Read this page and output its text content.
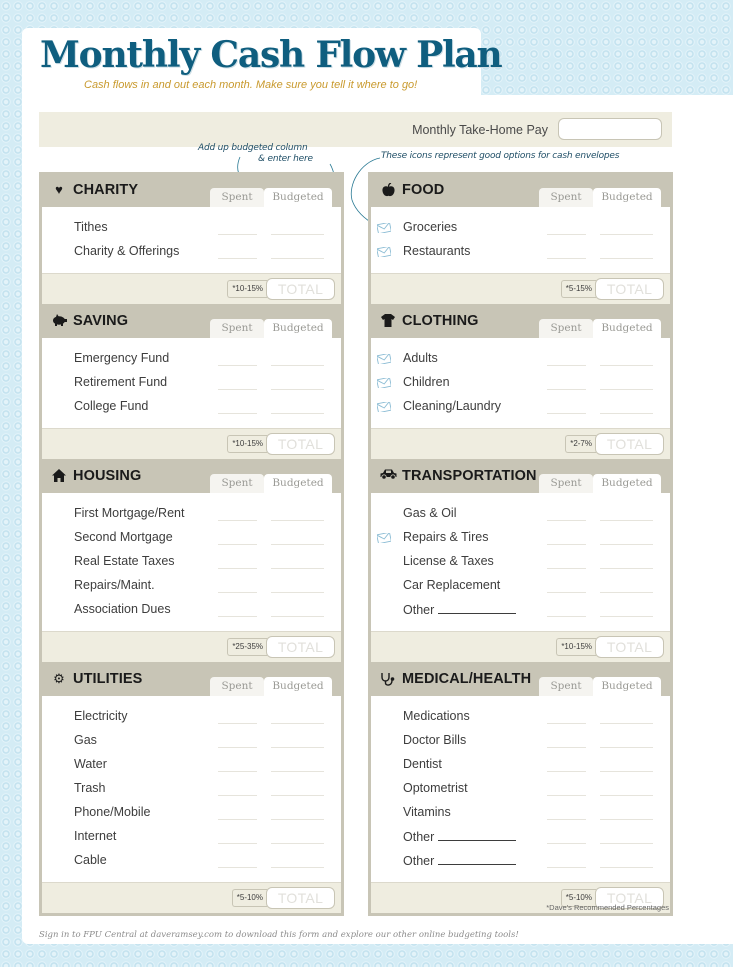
Monthly Cash Flow Plan
Cash flows in and out each month. Make sure you tell it where to go!
Monthly Take-Home Pay
Add up budgeted column
& enter here	These icons represent good options for cash envelopes
♥ CHARITY	Spent	Budgeted
Tithes
Charity & Offerings
*10-15%	TOTAL
SAVING	Spent	Budgeted
Emergency Fund
Retirement Fund
College Fund
*10-15%	TOTAL
HOUSING	Spent	Budgeted
First Mortgage/Rent
Second Mortgage
Real Estate Taxes
Repairs/Maint.
Association Dues
*25-35%	TOTAL
⚙ UTILITIES	Spent	Budgeted
Electricity
Gas
Water
Trash
Phone/Mobile
Internet
Cable
*5-10%	TOTAL
FOOD	Spent	Budgeted
Groceries
Restaurants
*5-15%	TOTAL
CLOTHING	Spent	Budgeted
Adults
Children
Cleaning/Laundry
*2-7%	TOTAL
TRANSPORTATION	Spent	Budgeted
Gas & Oil
Repairs & Tires
License & Taxes
Car Replacement
Other
*10-15%	TOTAL
MEDICAL/HEALTH	Spent	Budgeted
Medications
Doctor Bills
Dentist
Optometrist
Vitamins
Other
Other
*5-10%	TOTAL
*Dave's Recommended Percentages
Sign in to FPU Central at daveramsey.com to download this form and explore our other online budgeting tools!
